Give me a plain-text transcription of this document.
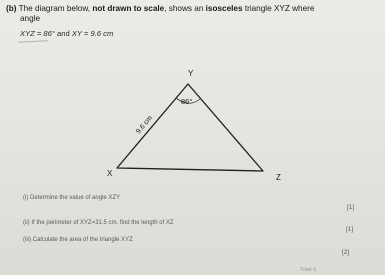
(b) The diagram below, not drawn to scale, shows an isosceles triangle XYZ where
angle
XYZ = 86° and XY = 9.6 cm
Y
X	Z
86°
9.6 cm
(i) Determine the value of angle XZY
[1]
(ii) If the perimeter of XYZ=31.5 cm, find the length of XZ
[1]
(iii) Calculate the area of the triangle XYZ
[2]
Total 6
